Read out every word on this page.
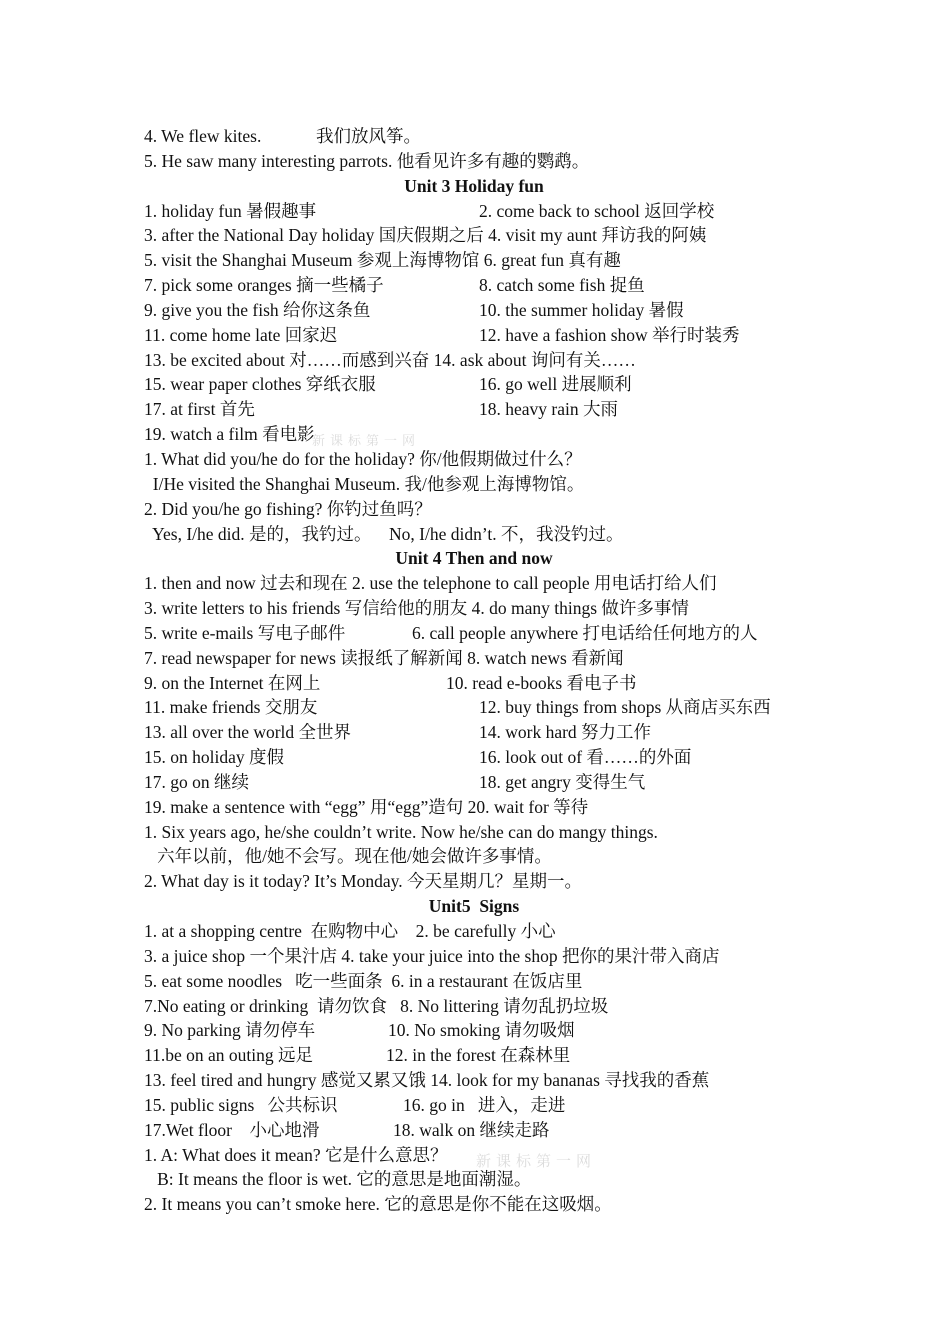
4. We flew kites.	我们放风筝。
5. He saw many interesting parrots. 他看见许多有趣的鹦鹉。
Unit 3 Holiday fun
1. holiday fun 暑假趣事	2. come back to school 返回学校
3. after the National Day holiday 国庆假期之后 4. visit my aunt 拜访我的阿姨
5. visit the Shanghai Museum 参观上海博物馆 6. great fun 真有趣
7. pick some oranges 摘一些橘子	8. catch some fish 捉鱼
9. give you the fish 给你这条鱼	10. the summer holiday 暑假
11. come home late 回家迟	12. have a fashion show 举行时装秀
13. be excited about 对……而感到兴奋 14. ask about 询问有关……
15. wear paper clothes 穿纸衣服	16. go well 进展顺利
17. at first 首先	18. heavy rain 大雨
19. watch a film 看电影
1. What did you/he do for the holiday? 你/他假期做过什么？
I/He visited the Shanghai Museum. 我/他参观上海博物馆。
2. Did you/he go fishing? 你钓过鱼吗？
Yes, I/he did. 是的，我钓过。    No, I/he didn’t. 不，我没钓过。
Unit 4 Then and now
1. then and now 过去和现在 2. use the telephone to call people 用电话打给人们
3. write letters to his friends 写信给他的朋友 4. do many things 做许多事情
5. write e-mails 写电子邮件	6. call people anywhere 打电话给任何地方的人
7. read newspaper for news 读报纸了解新闻 8. watch news 看新闻
9. on the Internet 在网上	10. read e-books 看电子书
11. make friends 交朋友	12. buy things from shops 从商店买东西
13. all over the world 全世界	14. work hard 努力工作
15. on holiday 度假	16. look out of 看……的外面
17. go on 继续	18. get angry 变得生气
19. make a sentence with “egg” 用“egg”造句 20. wait for 等待
1. Six years ago, he/she couldn’t write. Now he/she can do mangy things.
六年以前，他/她不会写。现在他/她会做许多事情。
2. What day is it today? It’s Monday. 今天星期几？星期一。
Unit5  Signs
1. at a shopping centre  在购物中心    2. be carefully 小心
3. a juice shop 一个果汁店 4. take your juice into the shop 把你的果汁带入商店
5. eat some noodles   吃一些面条  6. in a restaurant 在饭店里
7.No eating or drinking  请勿饮食   8. No littering 请勿乱扔垃圾
9. No parking 请勿停车	10. No smoking 请勿吸烟
11.be on an outing 远足	12. in the forest 在森林里
13. feel tired and hungry 感觉又累又饿 14. look for my bananas 寻找我的香蕉
15. public signs   公共标识	16. go in   进入，走进
17.Wet floor    小心地滑	18. walk on 继续走路
1. A: What does it mean? 它是什么意思？
B: It means the floor is wet. 它的意思是地面潮湿。
2. It means you can’t smoke here. 它的意思是你不能在这吸烟。
新课标第一网
新课标第一网
